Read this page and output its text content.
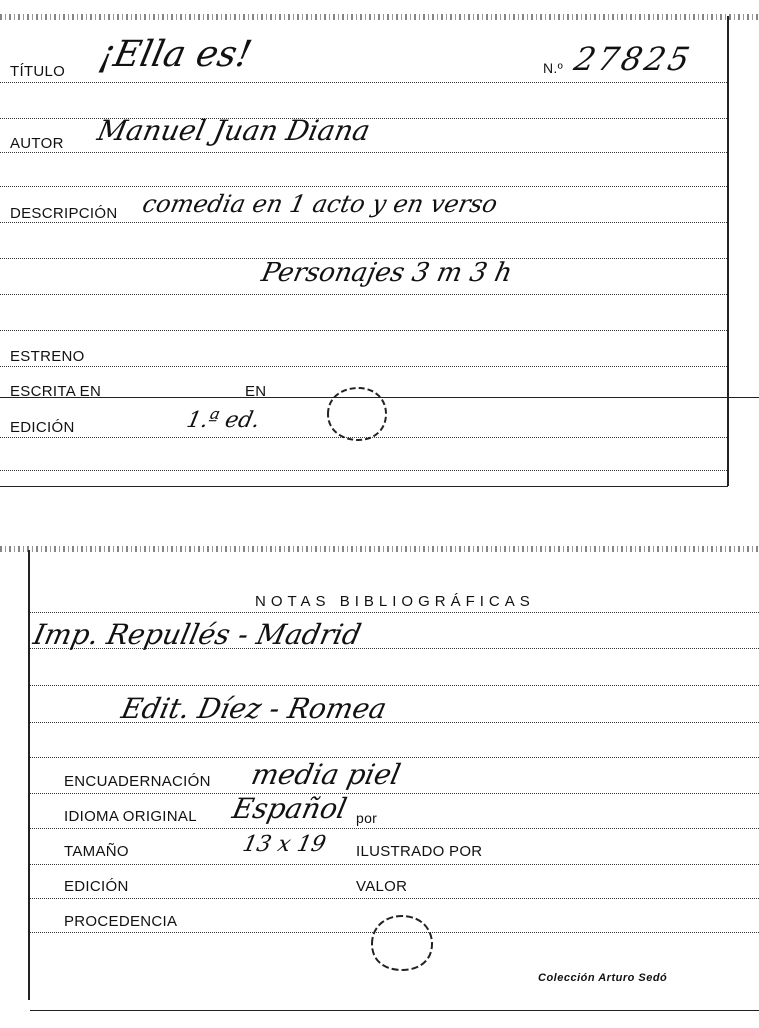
TÍTULO ¡Ella es!	N.º 27825
AUTOR Manuel Juan Diana
DESCRIPCIÓN comedia en 1 acto y en verso
Personajes 3 m 3 h
ESTRENO
ESCRITA EN	EN
EDICIÓN	1.ª ed.
NOTAS BIBLIOGRÁFICAS
Imp. Repullés - Madrid
Edit. Díez - Romea
ENCUADERNACIÓN media piel
IDIOMA ORIGINAL Español por
TAMAÑO	13 x 19 ILUSTRADO POR
EDICIÓN	VALOR
PROCEDENCIA
Colección Arturo Sedó
